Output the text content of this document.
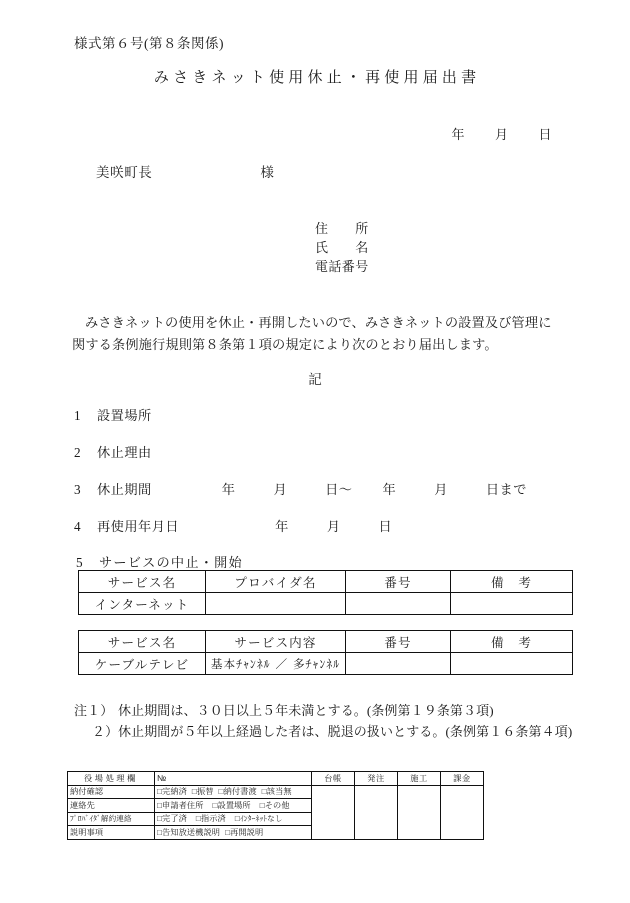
様式第６号(第８条関係)
みさきネット使用休止・再使用届出書
年 月 日
美咲町長	様
住　　所
氏　　名
電話番号
みさきネットの使用を休止・再開したいので、みさきネットの設置及び管理に関する条例施行規則第８条第１項の規定により次のとおり届出します。
記
1 設置場所
2 休止理由
3 休止期間	年	月	日～ 年	月	日まで
4 再使用年月日	年	月	日
5 サービスの中止・開始
サービス名	プロバイダ名	番号	備　考
インターネット			
サービス名	サービス内容	番号	備　考
ケーブルテレビ	基本ﾁｬﾝﾈﾙ ／ 多ﾁｬﾝﾈﾙ		
注１） 休止期間は、３０日以上５年未満とする。(条例第１９条第３項)
２）休止期間が５年以上経過した者は、脱退の扱いとする。(条例第１６条第４項)
役場処理欄	№	台帳	発注	施工	課金
納付確認	□完納済 □振替 □納付書渡 □該当無				
連絡先	□申請者住所 □設置場所 □その他				
ﾌﾟﾛﾊﾞｲﾀﾞ解約連絡	□完了済 □指示済 □ｲﾝﾀｰﾈｯﾄなし				
説明事項	□告知放送機説明 □再開説明				
